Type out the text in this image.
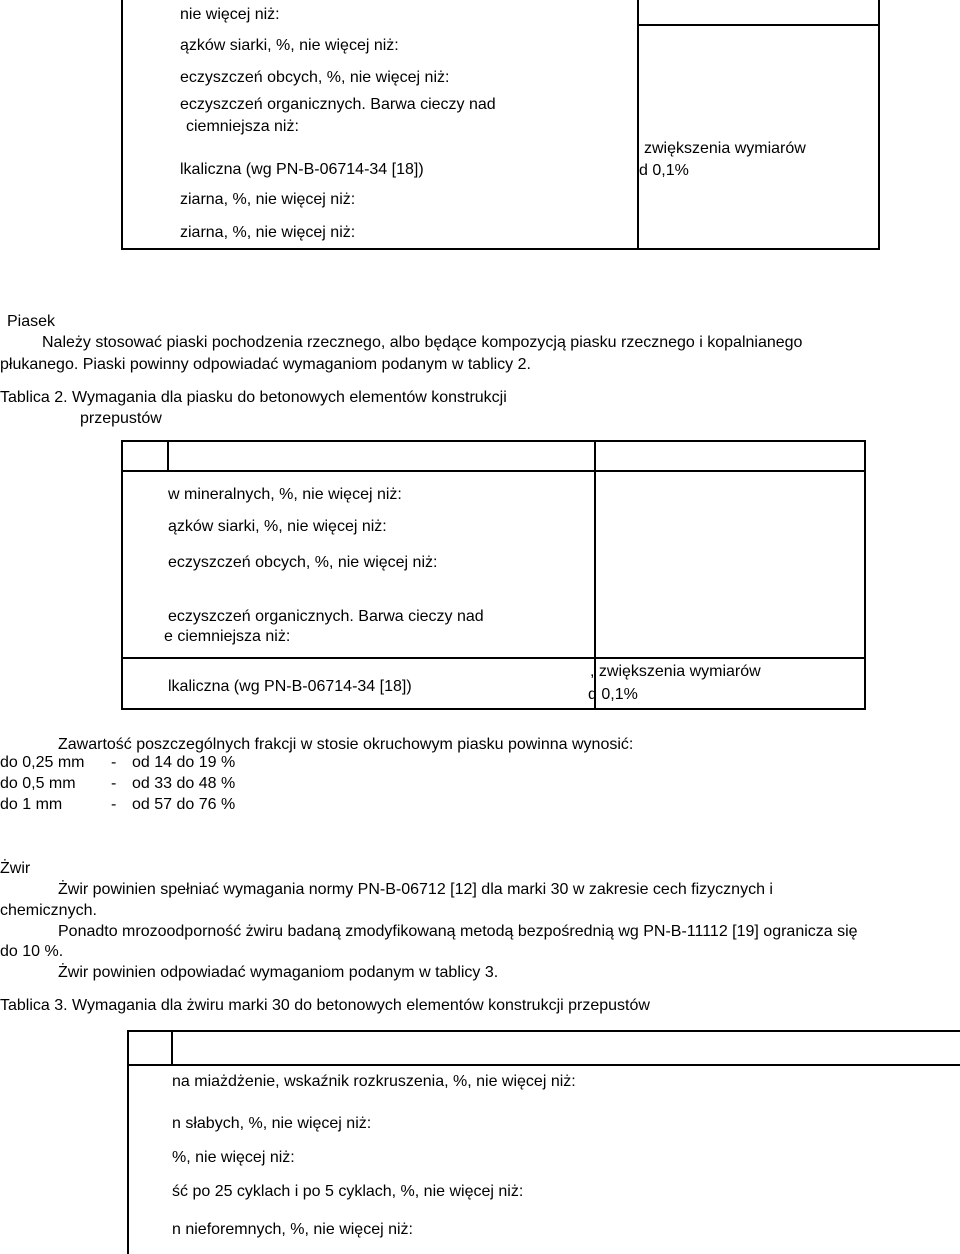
nie więcej niż:
ązków siarki, %, nie więcej niż:
eczyszczeń obcych, %, nie więcej niż:
eczyszczeń organicznych. Barwa cieczy nad
ciemniejsza niż:
lkaliczna (wg PN-B-06714-34 [18])
ziarna, %, nie więcej niż:
ziarna, %, nie więcej niż:
zwiększenia wymiarów
d 0,1%
Piasek
Należy stosować piaski pochodzenia rzecznego, albo będące kompozycją piasku rzecznego i kopalnianego
płukanego. Piaski powinny odpowiadać wymaganiom podanym w tablicy 2.
Tablica 2. Wymagania dla piasku do betonowych elementów konstrukcji
przepustów
w mineralnych, %, nie więcej niż:
ązków siarki, %, nie więcej niż:
eczyszczeń obcych, %, nie więcej niż:
eczyszczeń organicznych. Barwa cieczy nad
e ciemniejsza niż:
lkaliczna (wg PN-B-06714-34 [18])
, zwiększenia wymiarów
d 0,1%
Zawartość poszczególnych frakcji w stosie okruchowym piasku powinna wynosić:
do 0,25 mm - od 14 do 19 %
do 0,5 mm - od 33 do 48 %
do 1 mm	- od 57 do 76 %
Żwir
Żwir powinien spełniać wymagania normy PN-B-06712 [12] dla marki 30 w zakresie cech fizycznych i
chemicznych.
Ponadto mrozoodporność żwiru badaną zmodyfikowaną metodą bezpośrednią wg PN-B-11112 [19] ogranicza się
do 10 %.
Żwir powinien odpowiadać wymaganiom podanym w tablicy 3.
Tablica 3. Wymagania dla żwiru marki 30 do betonowych elementów konstrukcji przepustów
na miażdżenie, wskaźnik rozkruszenia, %, nie więcej niż:
n słabych, %, nie więcej niż:
%, nie więcej niż:
ść po 25 cyklach i po 5 cyklach, %, nie więcej niż:
n nieforemnych, %, nie więcej niż:
